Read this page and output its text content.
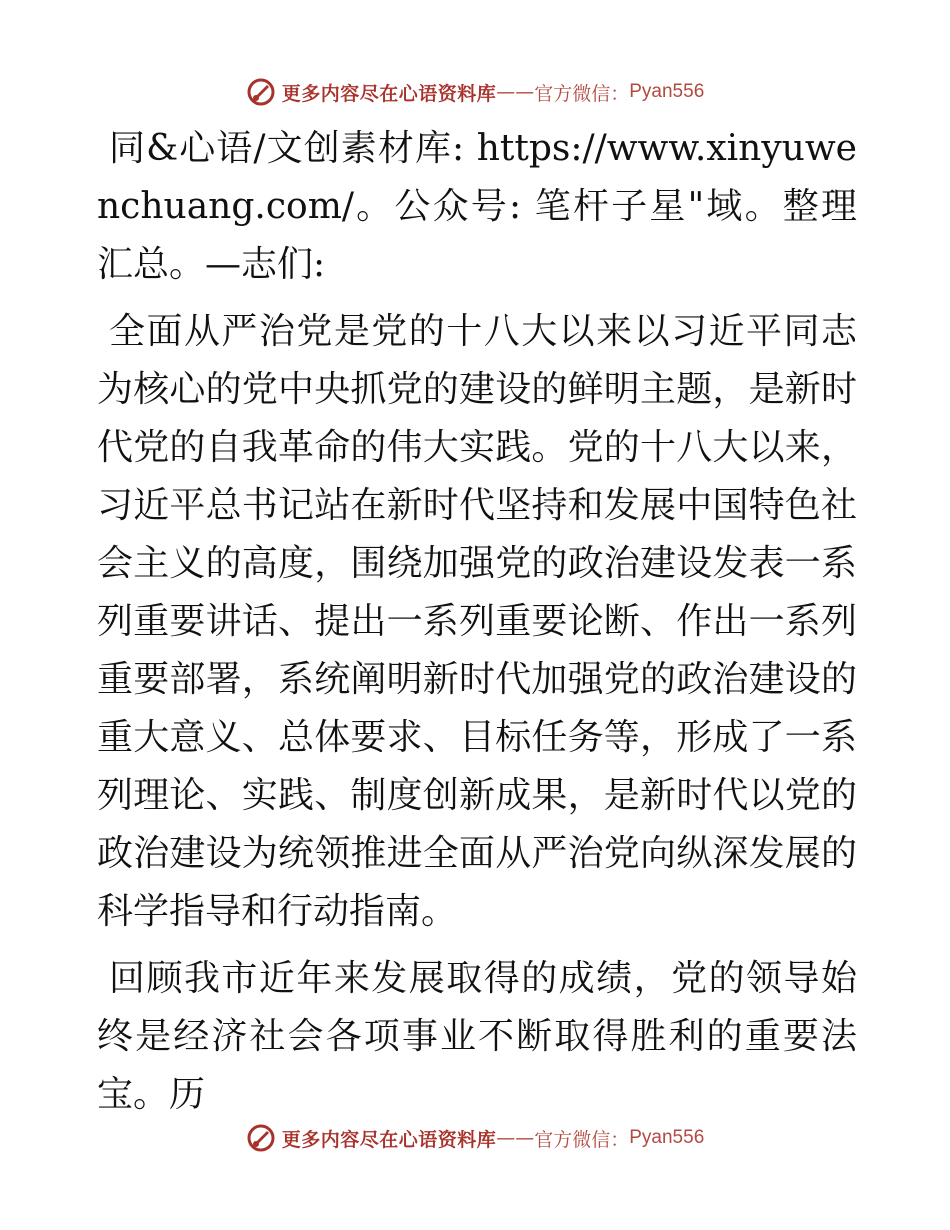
更多内容尽在心语资料库 —— 官方微信： Pyan556

同&心语/文创素材库: https://www.xinyuwenchuang.com/。公众号: 笔杆子星"域。整理汇总。—志们:

全面从严治党是党的十八大以来以习近平同志为核心的党中央抓党的建设的鲜明主题，是新时代党的自我革命的伟大实践。党的十八大以来，习近平总书记站在新时代坚持和发展中国特色社会主义的高度，围绕加强党的政治建设发表一系列重要讲话、提出一系列重要论断、作出一系列重要部署，系统阐明新时代加强党的政治建设的重大意义、总体要求、目标任务等，形成了一系列理论、实践、制度创新成果，是新时代以党的政治建设为统领推进全面从严治党向纵深发展的科学指导和行动指南。

回顾我市近年来发展取得的成绩，党的领导始终是经济社会各项事业不断取得胜利的重要法宝。历

更多内容尽在心语资料库 —— 官方微信： Pyan556
